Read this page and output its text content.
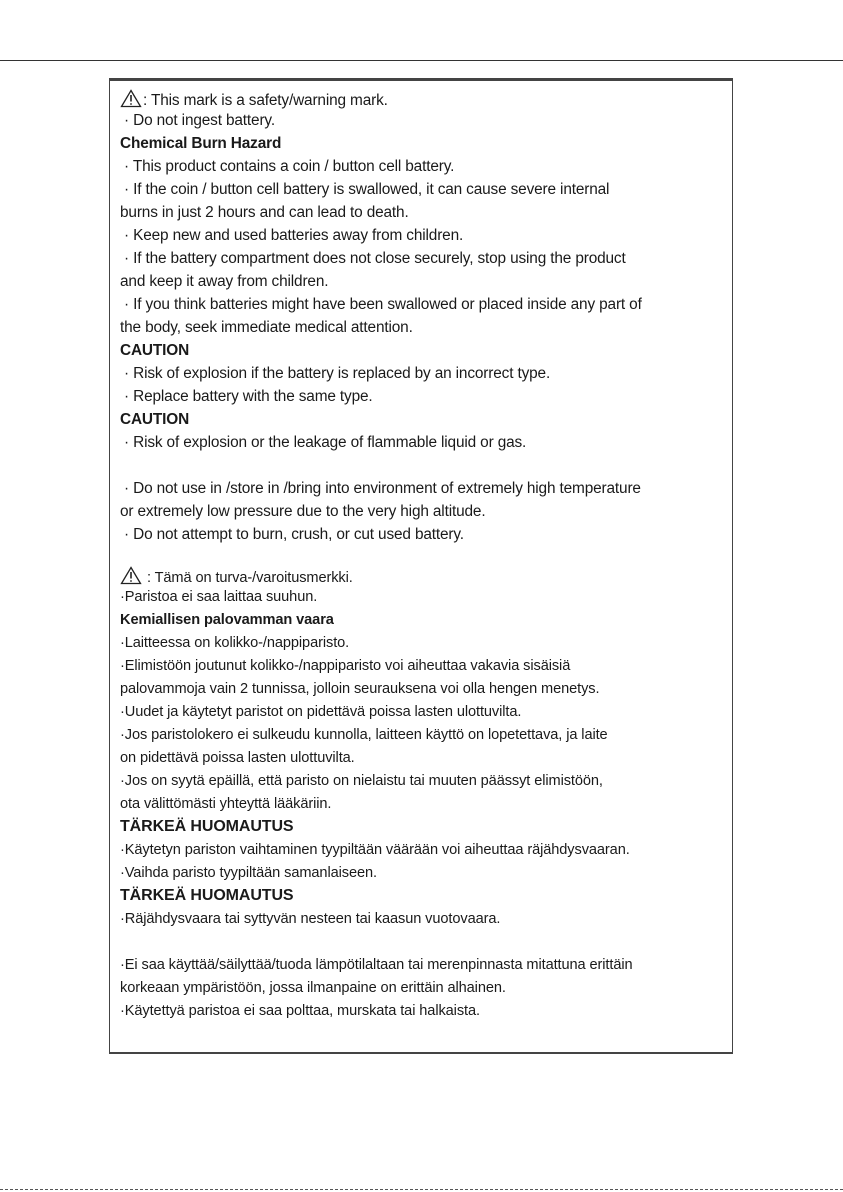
: This mark is a safety/warning mark.
· Do not ingest battery.
Chemical Burn Hazard
· This product contains a coin / button cell battery.
· If the coin / button cell battery is swallowed, it can cause severe internal
burns in just 2 hours and can lead to death.
· Keep new and used batteries away from children.
· If the battery compartment does not close securely, stop using the product
and keep it away from children.
· If you think batteries might have been swallowed or placed inside any part of
the body, seek immediate medical attention.
CAUTION
· Risk of explosion if the battery is replaced by an incorrect type.
· Replace battery with the same type.
CAUTION
· Risk of explosion or the leakage of flammable liquid or gas.
· Do not use in /store in /bring into environment of extremely high temperature
or extremely low pressure due to the very high altitude.
· Do not attempt to burn, crush, or cut used battery.
: Tämä on turva-/varoitusmerkki.
·Paristoa ei saa laittaa suuhun.
Kemiallisen palovamman vaara
·Laitteessa on kolikko-/nappiparisto.
·Elimistöön joutunut kolikko-/nappiparisto voi aiheuttaa vakavia sisäisiä
palovammoja vain 2 tunnissa, jolloin seurauksena voi olla hengen menetys.
·Uudet ja käytetyt paristot on pidettävä poissa lasten ulottuvilta.
·Jos paristolokero ei sulkeudu kunnolla, laitteen käyttö on lopetettava, ja laite
on pidettävä poissa lasten ulottuvilta.
·Jos on syytä epäillä, että paristo on nielaistu tai muuten päässyt elimistöön,
ota välittömästi yhteyttä lääkäriin.
TÄRKEÄ HUOMAUTUS
·Käytetyn pariston vaihtaminen tyypiltään väärään voi aiheuttaa räjähdysvaaran.
·Vaihda paristo tyypiltään samanlaiseen.
TÄRKEÄ HUOMAUTUS
·Räjähdysvaara tai syttyvän nesteen tai kaasun vuotovaara.
·Ei saa käyttää/säilyttää/tuoda lämpötilaltaan tai merenpinnasta mitattuna erittäin
korkeaan ympäristöön, jossa ilmanpaine on erittäin alhainen.
·Käytettyä paristoa ei saa polttaa, murskata tai halkaista.
